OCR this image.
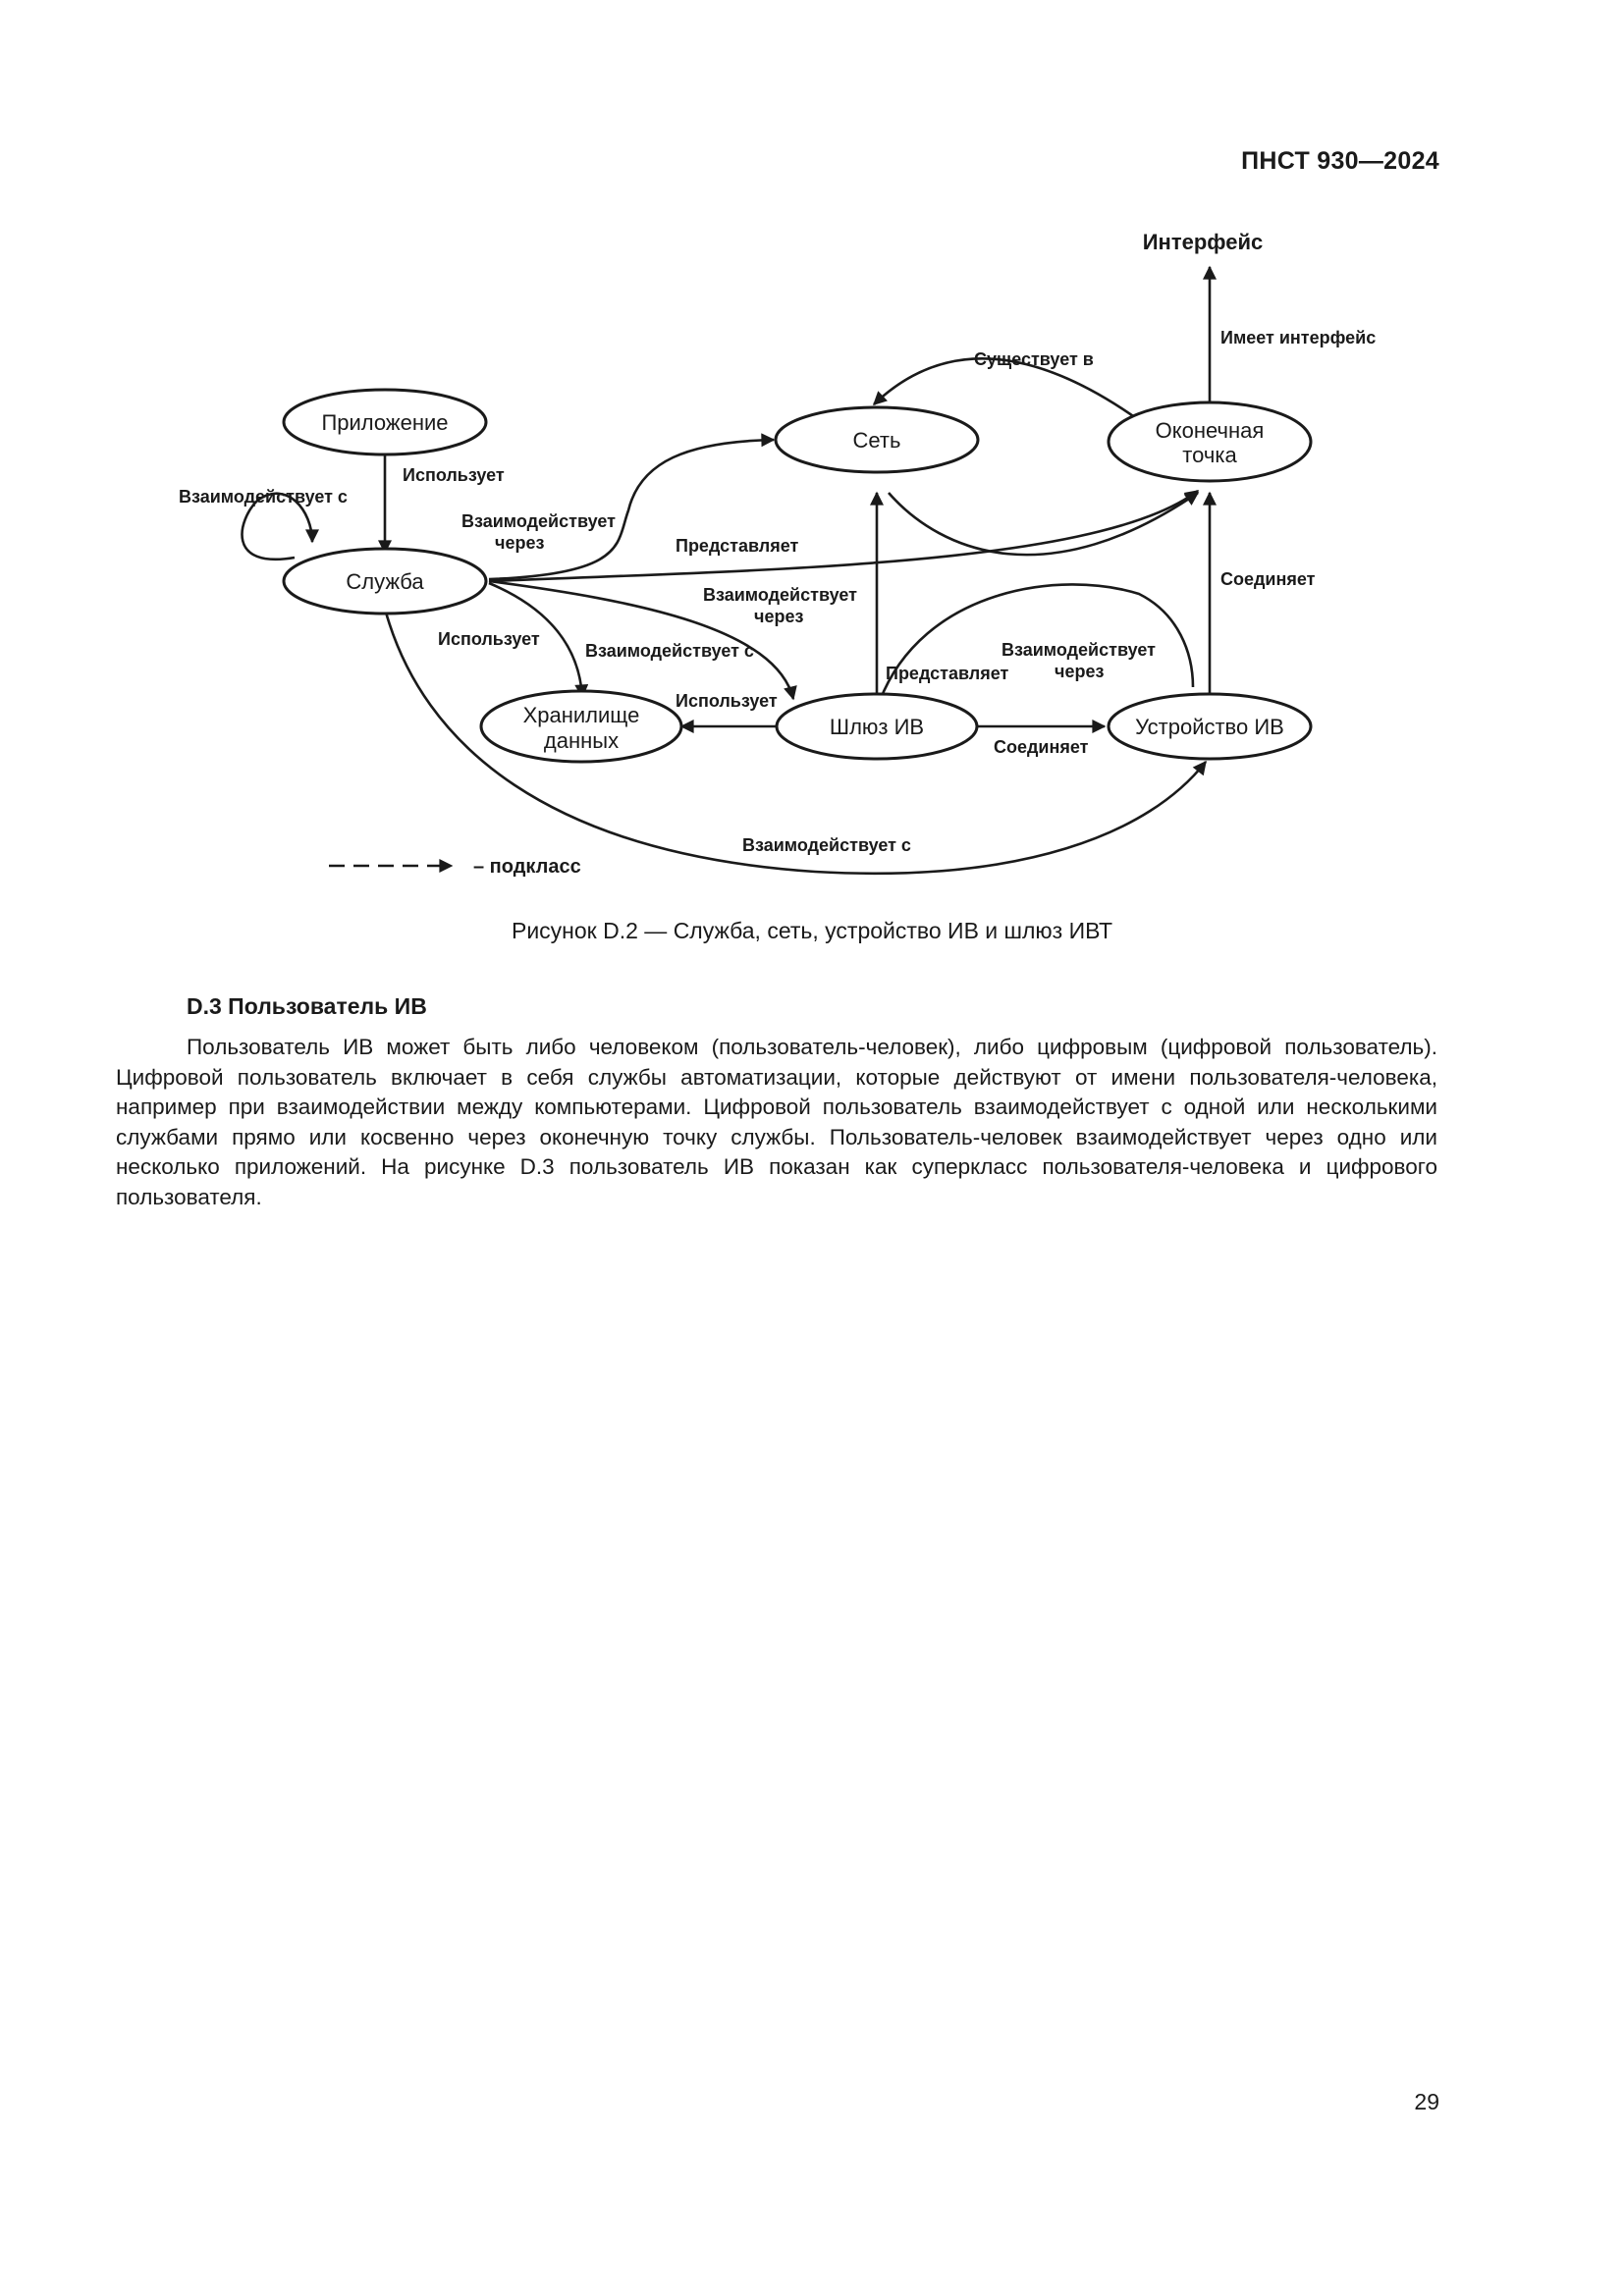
ПНСТ 930—2024
Интерфейс
Приложение
Служба
Сеть	Оконечная
точка
Хранилище
данных
Шлюз ИВ	Устройство ИВ
Имеет интерфейс
Существует в
Взаимодействует с
Использует
Взаимодействует
через	Представляет
Взаимодействует
через
Соединяет
Использует
Взаимодействует с
Представляет
Взаимодействует
через
Использует
Соединяет
Взаимодействует с
– подкласс
Рисунок D.2 — Служба, сеть, устройство ИВ и шлюз ИВТ
D.3 Пользователь ИВ
Пользователь ИВ может быть либо человеком (пользователь-человек), либо цифровым (цифровой пользователь). Цифровой пользователь включает в себя службы автоматизации, которые действуют от имени пользователя-человека, например при взаимодействии между компьютерами. Цифровой пользователь взаимодействует с одной или несколькими службами прямо или косвенно через оконечную точку службы. Пользователь-человек взаимодействует через одно или несколько приложений. На рисунке D.3 пользователь ИВ показан как суперкласс пользователя-человека и цифрового пользователя.
29
